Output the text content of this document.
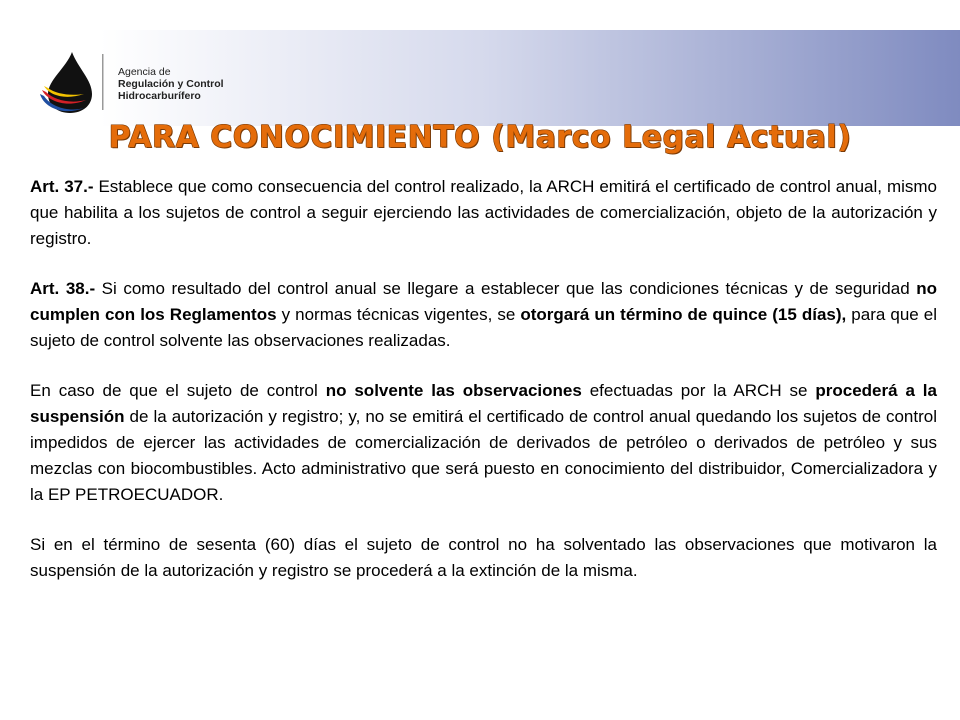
Agencia de
Regulación y Control
Hidrocarburífero
PARA CONOCIMIENTO (Marco Legal Actual)

Art. 37.- Establece que como consecuencia del control realizado, la ARCH emitirá el certificado de control anual, mismo que habilita a los sujetos de control a seguir ejerciendo las actividades de comercialización, objeto de la autorización y registro.

Art. 38.- Si como resultado del control anual se llegare a establecer que las condiciones técnicas y de seguridad no cumplen con los Reglamentos y normas técnicas vigentes, se otorgará un término de quince (15 días), para que el sujeto de control solvente las observaciones realizadas.

En caso de que el sujeto de control no solvente las observaciones efectuadas por la ARCH se procederá a la suspensión de la autorización y registro; y, no se emitirá el certificado de control anual quedando los sujetos de control impedidos de ejercer las actividades de comercialización de derivados de petróleo o derivados de petróleo y sus mezclas con biocombustibles. Acto administrativo que será puesto en conocimiento del distribuidor, Comercializadora y la EP PETROECUADOR.

Si en el término de sesenta (60) días el sujeto de control no ha solventado las observaciones que motivaron la suspensión de la autorización y registro se procederá a la extinción de la misma.
